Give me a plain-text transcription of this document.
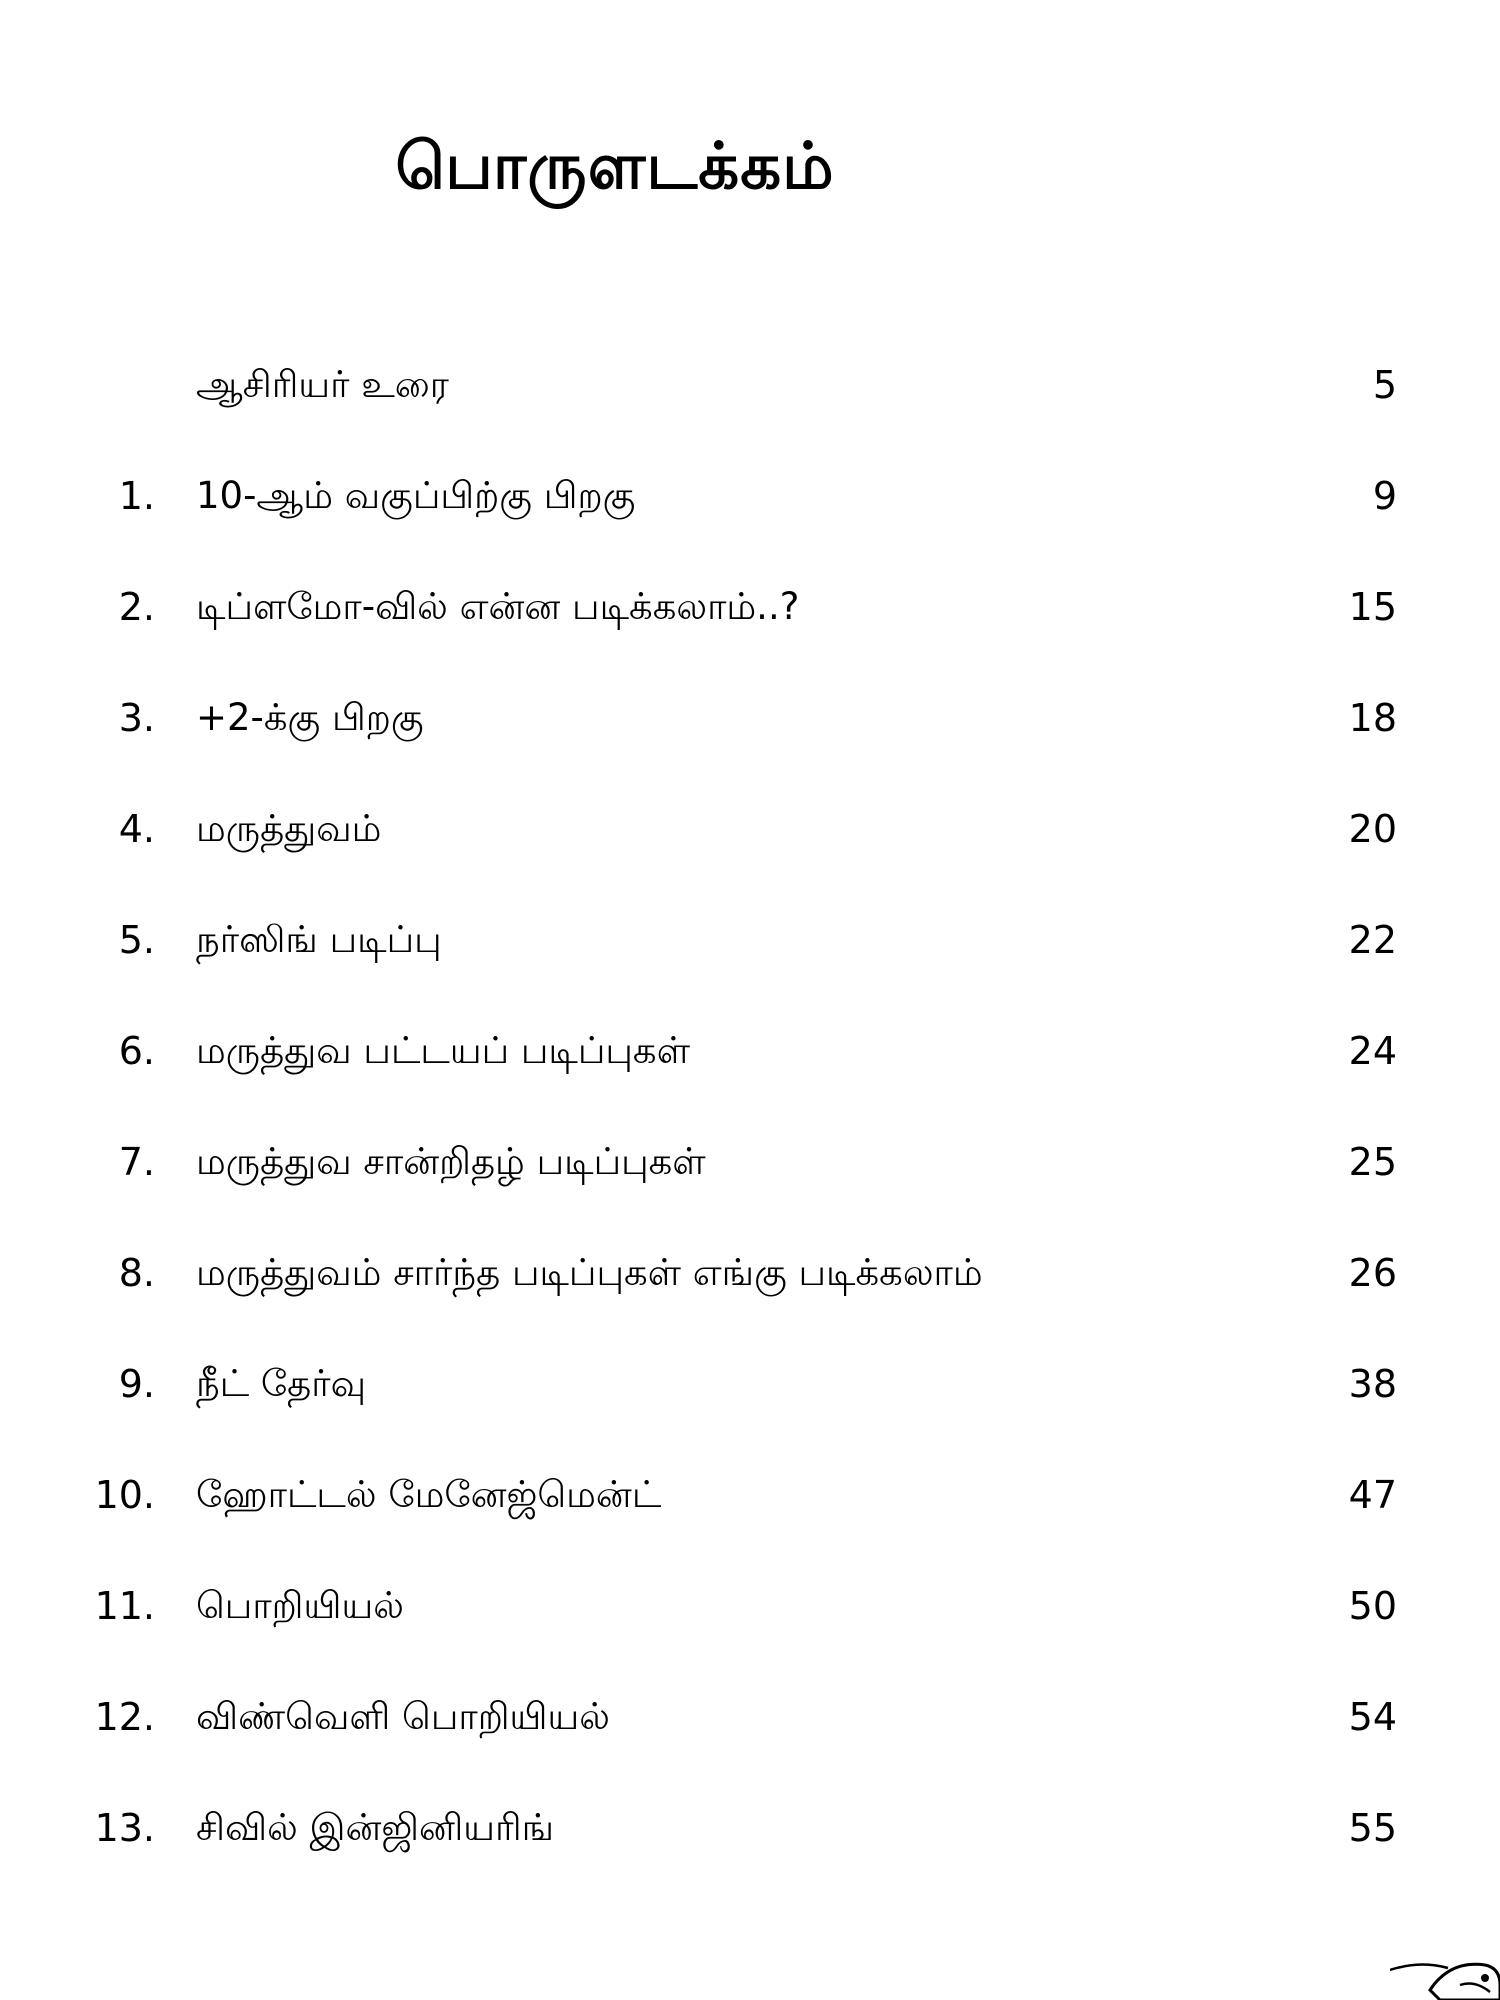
பொருளடக்கம்
ஆசிரியர் உரை	5
1. 10-ஆம் வகுப்பிற்கு பிறகு	9
2. டிப்ளமோ-வில் என்ன படிக்கலாம்..?	15
3. +2-க்கு பிறகு	18
4. மருத்துவம்	20
5. நர்ஸிங் படிப்பு	22
6. மருத்துவ பட்டயப் படிப்புகள்	24
7. மருத்துவ சான்றிதழ் படிப்புகள்	25
8. மருத்துவம் சார்ந்த படிப்புகள் எங்கு படிக்கலாம்	26
9. நீட் தேர்வு	38
10. ஹோட்டல் மேனேஜ்மென்ட்	47
11. பொறியியல்	50
12. விண்வெளி பொறியியல்	54
13. சிவில் இன்ஜினியரிங்	55
